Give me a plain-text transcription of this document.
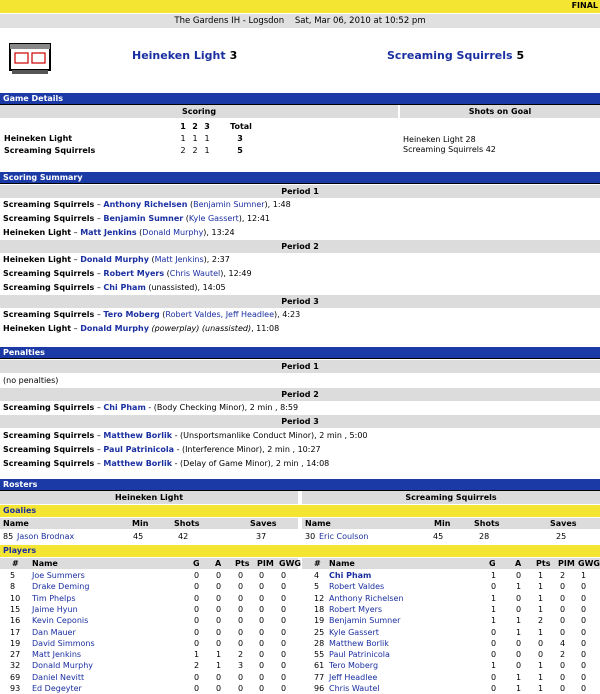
FINAL
The Gardens IH - Logsdon Sat, Mar 06, 2010 at 10:52 pm
Heineken Light 3	Screaming Squirrels 5
Game Details
Scoring
1 2 3	Total
Heineken Light	1 1 1	3
Screaming Squirrels	2 2 1	5
Shots on Goal
Heineken Light 28
Screaming Squirrels 42
Scoring Summary
Period 1
Screaming Squirrels – Anthony Richelsen (Benjamin Sumner), 1:48
Screaming Squirrels – Benjamin Sumner (Kyle Gassert), 12:41
Heineken Light – Matt Jenkins (Donald Murphy), 13:24
Period 2
Heineken Light – Donald Murphy (Matt Jenkins), 2:37
Screaming Squirrels – Robert Myers (Chris Wautel), 12:49
Screaming Squirrels – Chi Pham (unassisted), 14:05
Period 3
Screaming Squirrels – Tero Moberg (Robert Valdes, Jeff Headlee), 4:23
Heineken Light – Donald Murphy (powerplay) (unassisted), 11:08
Penalties
Period 1
(no penalties)
Period 2
Screaming Squirrels – Chi Pham - (Body Checking Minor), 2 min , 8:59
Period 3
Screaming Squirrels – Matthew Borlik - (Unsportsmanlike Conduct Minor), 2 min , 5:00
Screaming Squirrels – Paul Patrinicola - (Interference Minor), 2 min , 10:27
Screaming Squirrels – Matthew Borlik - (Delay of Game Minor), 2 min , 14:08
Rosters
Heineken Light	Screaming Squirrels
Goalies
Name	Min	Shots	Saves	Name	Min	Shots	Saves
85 Jason Brodnax	45	42	37	30 Eric Coulson	45	28	25
Players
# Name	G A Pts PIM GWG # Name	G A Pts PIM GWG
5 Joe Summers	0 0 0 0 0
8 Drake Deming	0 0 0 0 0
10 Tim Phelps	0 0 0 0 0
15 Jaime Hyun	0 0 0 0 0
16 Kevin Ceponis	0 0 0 0 0
17 Dan Mauer	0 0 0 0 0
19 David Simmons	0 0 0 0 0
27 Matt Jenkins	1 1 2 0 0
32 Donald Murphy	2 1 3 0 0
69 Daniel Nevitt	0 0 0 0 0
93 Ed Degeyter	0 0 0 0 0
4 Chi Pham	1 0 1 2 1
5 Robert Valdes	0 1 1 0 0
12 Anthony Richelsen	1 0 1 0 0
18 Robert Myers	1 0 1 0 0
19 Benjamin Sumner	1 1 2 0 0
25 Kyle Gassert	0 1 1 0 0
28 Matthew Borlik	0 0 0 4 0
55 Paul Patrinicola	0 0 0 2 0
61 Tero Moberg	1 0 1 0 0
77 Jeff Headlee	0 1 1 0 0
96 Chris Wautel	0 1 1 0 0
